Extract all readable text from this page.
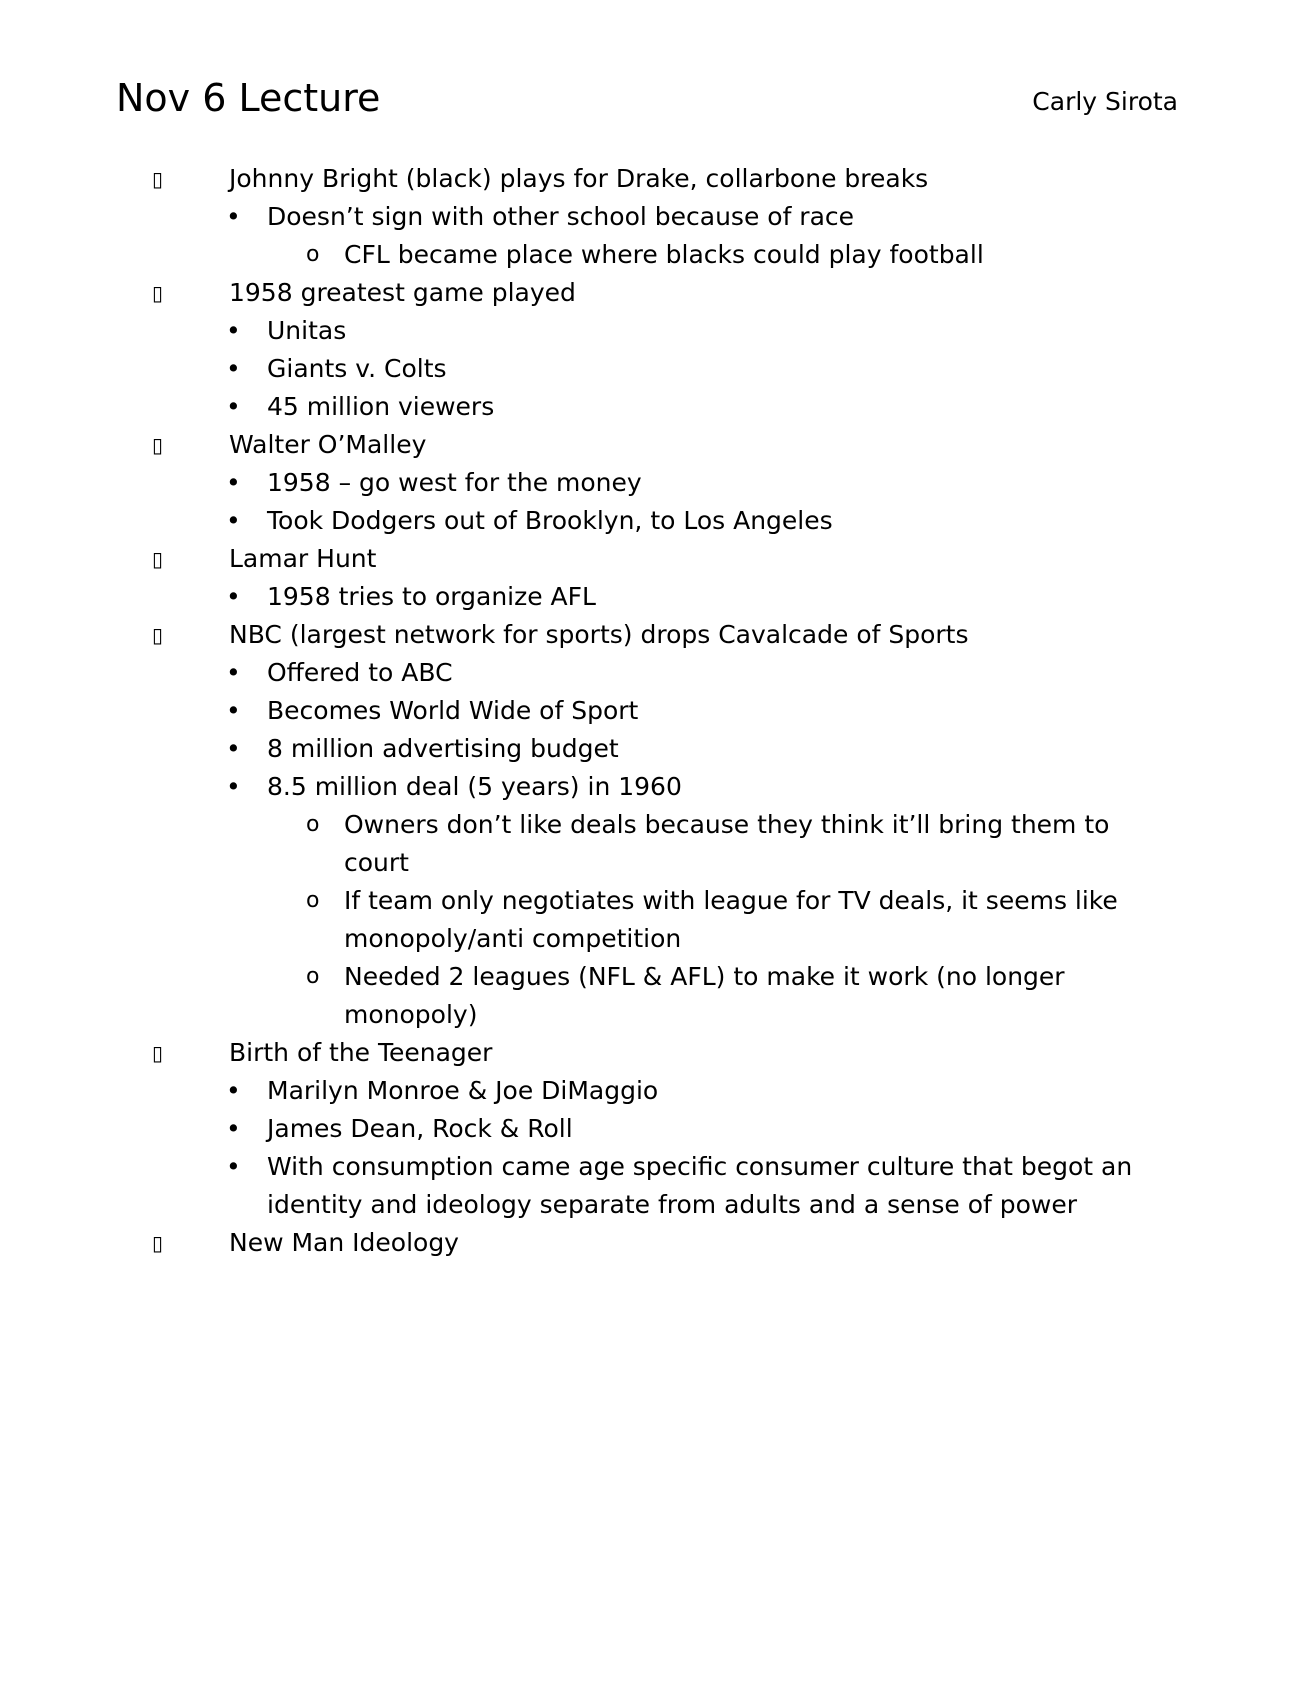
Nov 6 Lecture	Carly Sirota
▯	Johnny Bright (black) plays for Drake, collarbone breaks
• Doesn’t sign with other school because of race
o CFL became place where blacks could play football
▯	1958 greatest game played
• Unitas
• Giants v. Colts
• 45 million viewers
▯	Walter O’Malley
• 1958 – go west for the money
• Took Dodgers out of Brooklyn, to Los Angeles
▯	Lamar Hunt
• 1958 tries to organize AFL
▯	NBC (largest network for sports) drops Cavalcade of Sports
• Offered to ABC
• Becomes World Wide of Sport
• 8 million advertising budget
• 8.5 million deal (5 years) in 1960
o Owners don’t like deals because they think it’ll bring them to court
o If team only negotiates with league for TV deals, it seems like monopoly/anti competition
o Needed 2 leagues (NFL & AFL) to make it work (no longer monopoly)
▯	Birth of the Teenager
• Marilyn Monroe & Joe DiMaggio
• James Dean, Rock & Roll
• With consumption came age specific consumer culture that begot an identity and ideology separate from adults and a sense of power
▯	New Man Ideology
